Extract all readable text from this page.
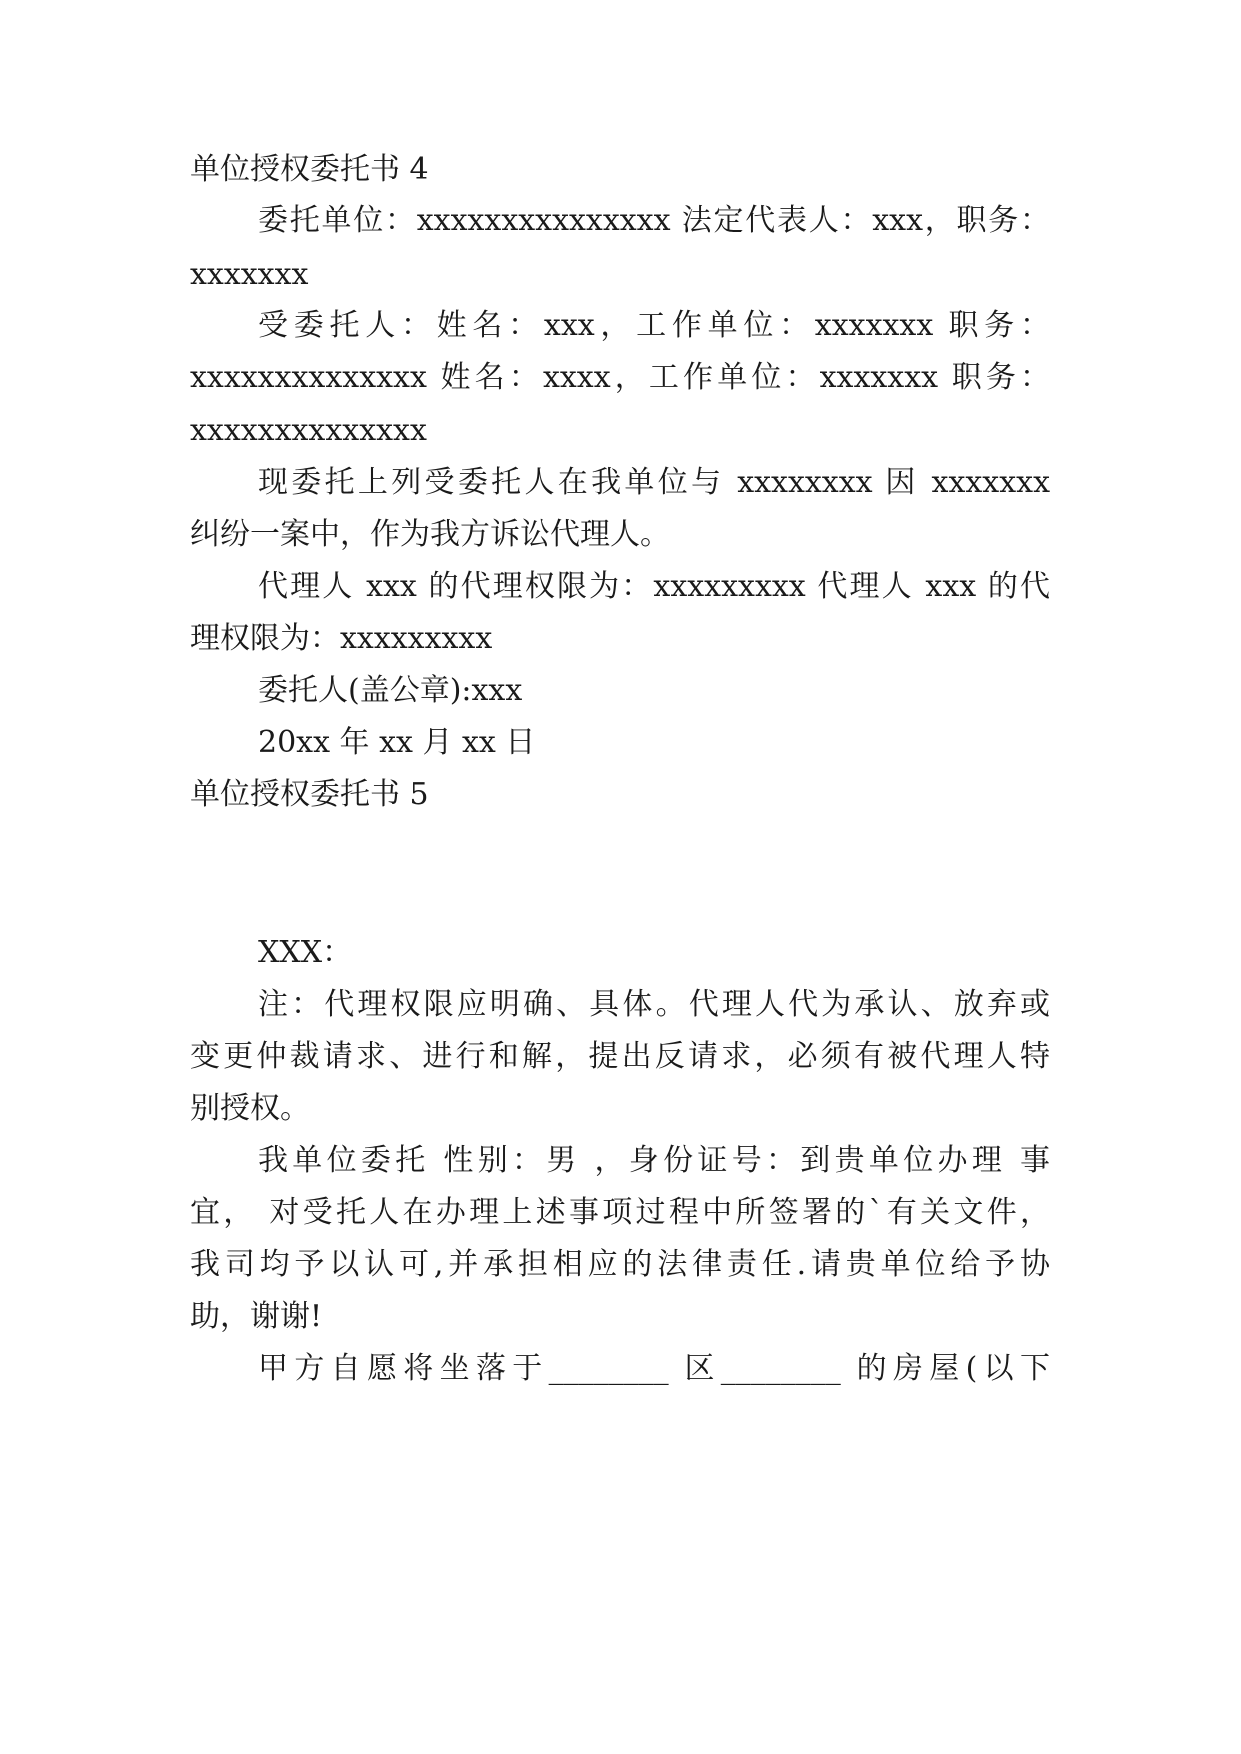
单位授权委托书 4

委托单位：xxxxxxxxxxxxxxx 法定代表人：xxx，职务：

xxxxxxx

受委托人：姓名：xxx，工作单位：xxxxxxx 职务：

xxxxxxxxxxxxxx 姓名：xxxx，工作单位：xxxxxxx 职务：

xxxxxxxxxxxxxx

现委托上列受委托人在我单位与 xxxxxxxx 因 xxxxxxx

纠纷一案中，作为我方诉讼代理人。

代理人 xxx 的代理权限为：xxxxxxxxx 代理人 xxx 的代

理权限为：xxxxxxxxx

委托人(盖公章):xxx

20xx 年 xx 月 xx 日

单位授权委托书 5

XXX：

注：代理权限应明确、具体。代理人代为承认、放弃或

变更仲裁请求、进行和解，提出反请求，必须有被代理人特

别授权。

我单位委托 性别：男 ，身份证号：到贵单位办理 事

宜， 对受托人在办理上述事项过程中所签署的`有关文件，

我司均予以认可,并承担相应的法律责任.请贵单位给予协

助，谢谢!

甲方自愿将坐落于________ 区________ 的房屋(以下
